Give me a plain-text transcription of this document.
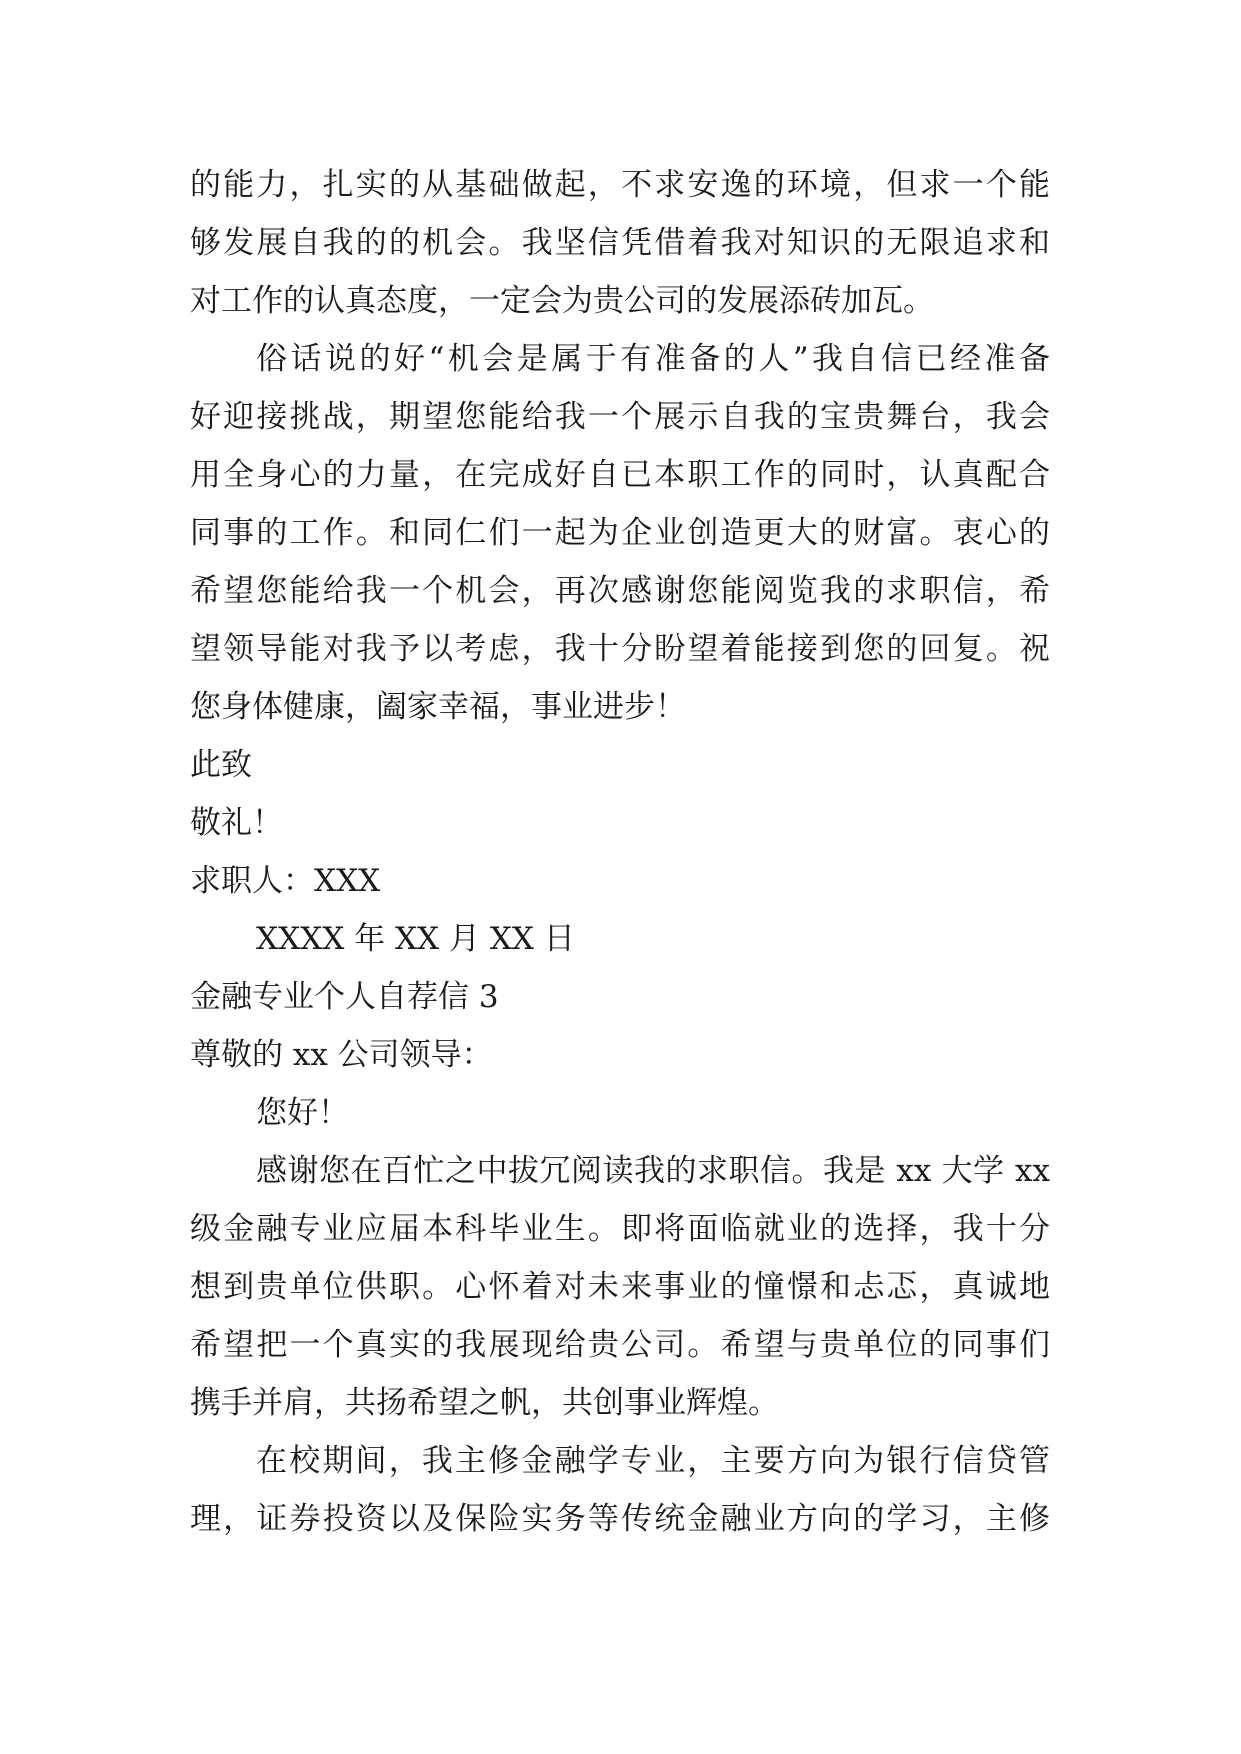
的能力，扎实的从基础做起，不求安逸的环境，但求一个能
够发展自我的的机会。我坚信凭借着我对知识的无限追求和
对工作的认真态度，一定会为贵公司的发展添砖加瓦。
俗话说的好“机会是属于有准备的人”我自信已经准备
好迎接挑战，期望您能给我一个展示自我的宝贵舞台，我会
用全身心的力量，在完成好自已本职工作的同时，认真配合
同事的工作。和同仁们一起为企业创造更大的财富。衷心的
希望您能给我一个机会，再次感谢您能阅览我的求职信，希
望领导能对我予以考虑，我十分盼望着能接到您的回复。祝
您身体健康，阖家幸福，事业进步！
此致
敬礼！
求职人：XXX
XXXX 年 XX 月 XX 日
金融专业个人自荐信 3
尊敬的 xx 公司领导：
您好！
感谢您在百忙之中拔冗阅读我的求职信。我是 xx 大学 xx
级金融专业应届本科毕业生。即将面临就业的选择，我十分
想到贵单位供职。心怀着对未来事业的憧憬和忐忑，真诚地
希望把一个真实的我展现给贵公司。希望与贵单位的同事们
携手并肩，共扬希望之帆，共创事业辉煌。
在校期间，我主修金融学专业，主要方向为银行信贷管
理，证券投资以及保险实务等传统金融业方向的学习，主修
